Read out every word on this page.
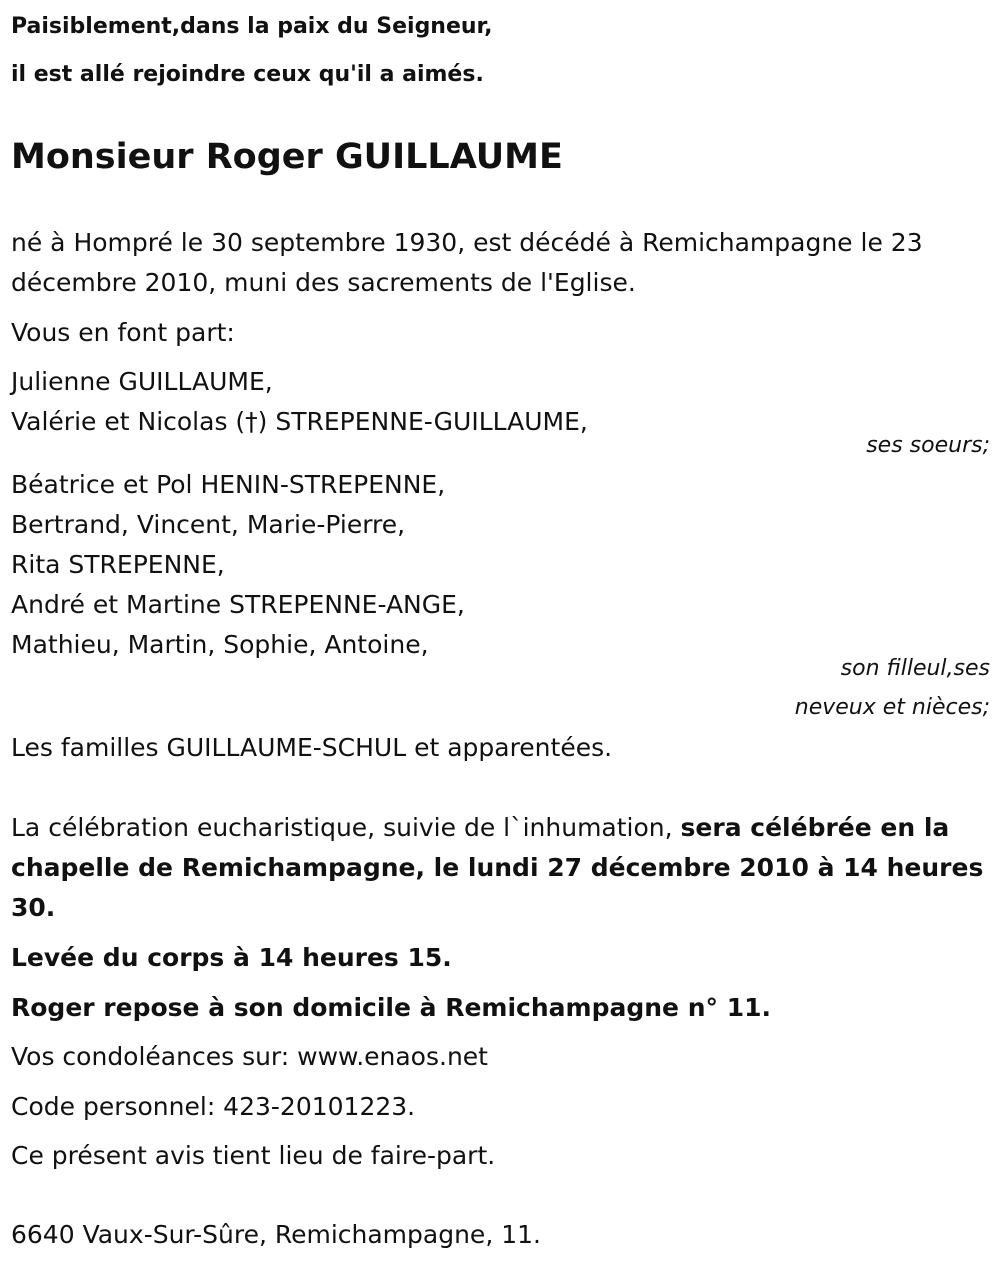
Paisiblement,dans la paix du Seigneur,
il est allé rejoindre ceux qu'il a aimés.
Monsieur Roger GUILLAUME
né à Hompré le 30 septembre 1930, est décédé à Remichampagne le 23
décembre 2010, muni des sacrements de l'Eglise.
Vous en font part:
Julienne GUILLAUME,
Valérie et Nicolas (†) STREPENNE-GUILLAUME,
ses soeurs;
Béatrice et Pol HENIN-STREPENNE,
Bertrand, Vincent, Marie-Pierre,
Rita STREPENNE,
André et Martine STREPENNE-ANGE,
Mathieu, Martin, Sophie, Antoine,
son filleul,ses
neveux et nièces;
Les familles GUILLAUME-SCHUL et apparentées.
La célébration eucharistique, suivie de l`inhumation, sera célébrée en la
chapelle de Remichampagne, le lundi 27 décembre 2010 à 14 heures
30.
Levée du corps à 14 heures 15.
Roger repose à son domicile à Remichampagne n° 11.
Vos condoléances sur: www.enaos.net
Code personnel: 423-20101223.
Ce présent avis tient lieu de faire-part.
6640 Vaux-Sur-Sûre, Remichampagne, 11.
